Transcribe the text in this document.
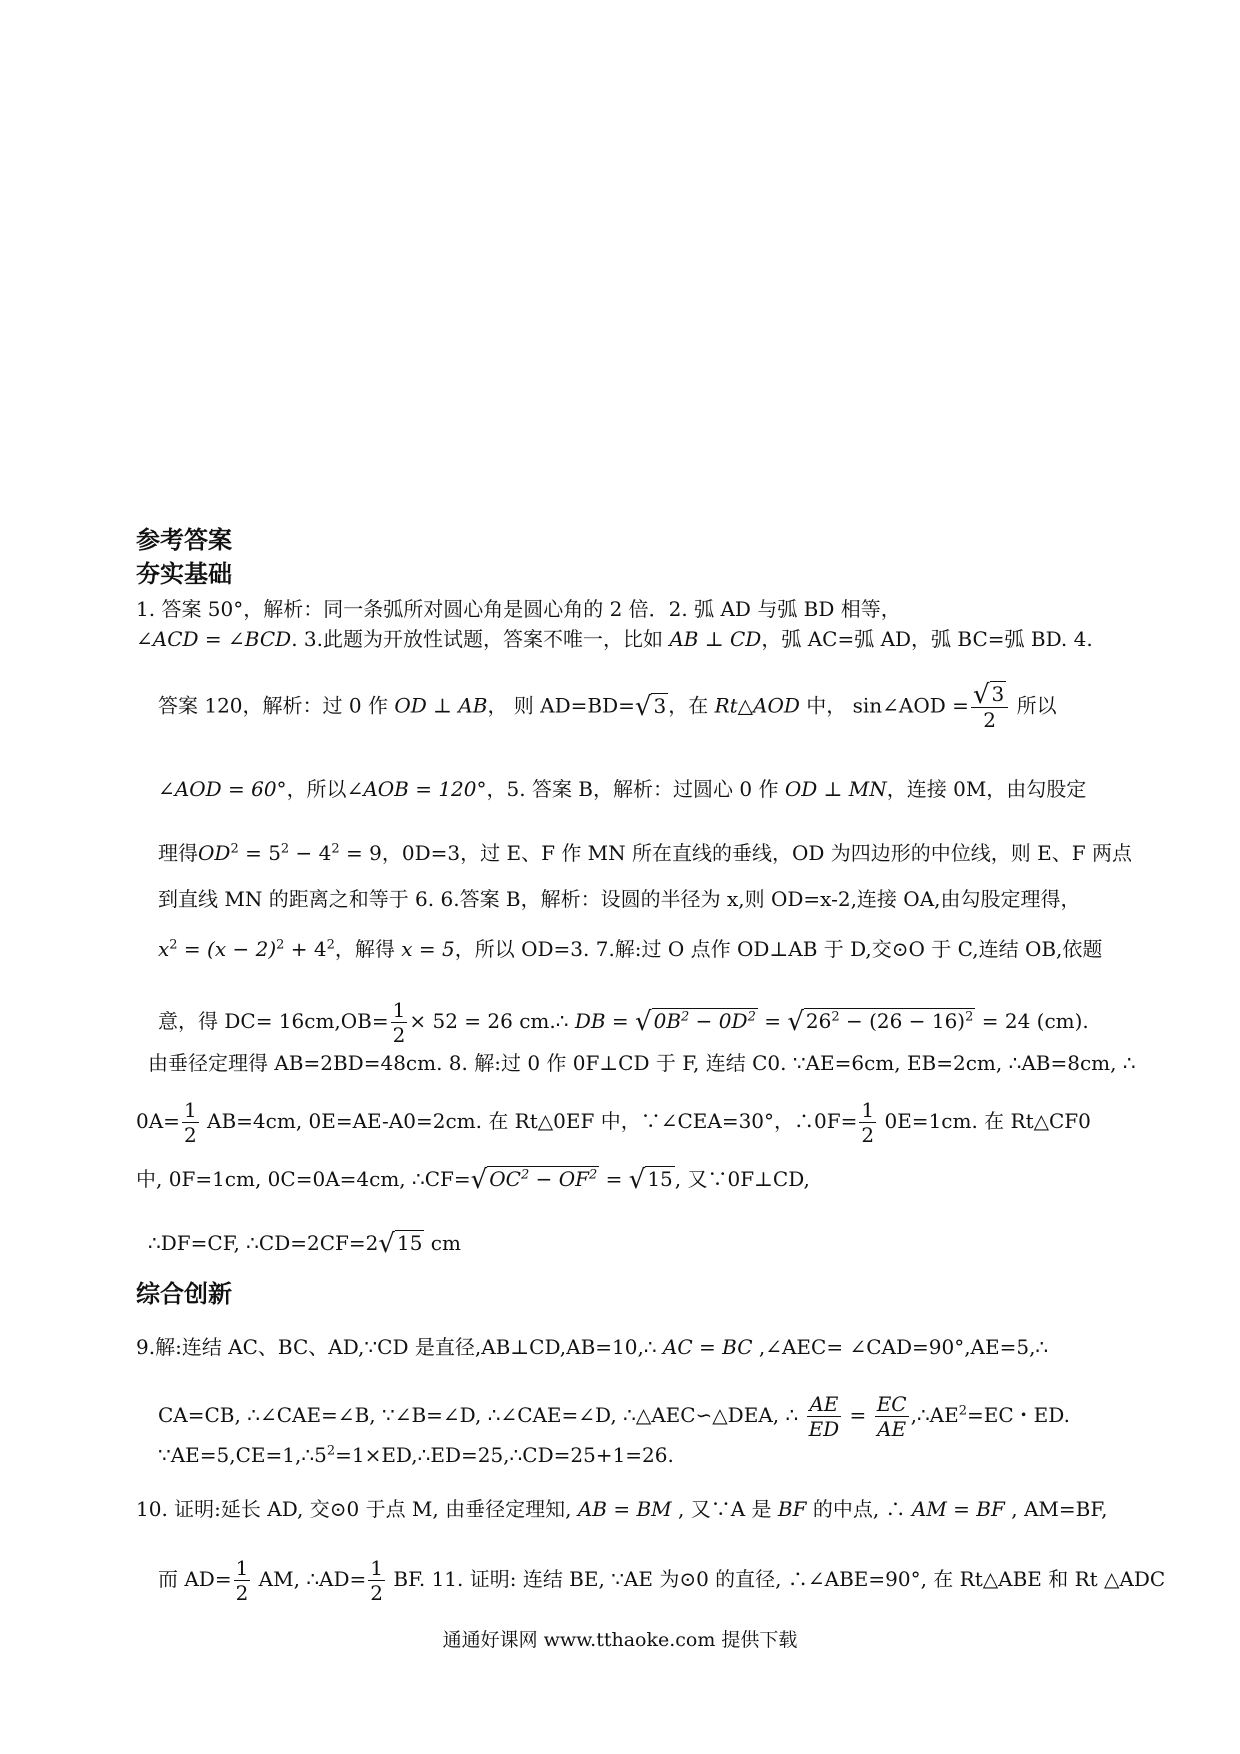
参考答案
夯实基础
1. 答案 50°，解析：同一条弧所对圆心角是圆心角的 2 倍．2. 弧 AD 与弧 BD 相等，
∠ACD = ∠BCD. 3.此题为开放性试题，答案不唯一，比如 AB ⊥ CD，弧 AC=弧 AD，弧 BC=弧 BD. 4.
答案 120，解析：过 0 作 OD ⊥ AB， 则 AD=BD=√ 3 ，在 Rt△AOD 中， sin∠AOD = $\frac{√ 3}{2}$ 所以
∠AOD = 60°，所以∠AOB = 120°，5. 答案 B，解析：过圆心 0 作 OD ⊥ MN，连接 0M，由勾股定
理得$OD^2 = 5^2 - 4^2 = 9$，0D=3，过 E、F 作 MN 所在直线的垂线，OD 为四边形的中位线，则 E、F 两点
到直线 MN 的距离之和等于 6. 6.答案 B，解析：设圆的半径为 x,则 OD=x-2,连接 OA,由勾股定理得，
$x^2 = (x - 2)^2 + 4^2$，解得 x = 5，所以 OD=3. 7.解:过 O 点作 OD⊥AB 于 D,交⊙O 于 C,连结 OB,依题
意，得 $DC= 16cm,OB= \frac{1}{2} \times 52 = 26$ cm.∴ DB = √ $0B^2 - 0D^2$ = √ $26^2 - (26 - 16)^2 = 24$ (cm).
由垂径定理得 AB=2BD=48cm. 8. 解:过 0 作 0F⊥CD 于 F, 连结 C0. ∵AE=6cm, EB=2cm, ∴AB=8cm, ∴
$0A= \frac{1}{2} AB=4cm$, 0E=AE-A0=2cm. 在 Rt△0EF 中，∵∠CEA=30°，∴0F= $\frac{1}{2} 0E=1cm$. 在 Rt△CF0
中, 0F=1cm, 0C=0A=4cm, ∴CF=√ $OC^2 - OF^2$ = √ 15 , 又∵0F⊥CD,
∴DF=CF, ∴CD=2CF=2√ 15 cm
综合创新
9.解:连结 AC、BC、AD,∵CD 是直径,AB⊥CD,AB=10,∴ AC = BC ,∠AEC= ∠CAD=90°,AE=5,∴
CA=CB, ∴∠CAE=∠B, ∵∠B=∠D, ∴∠CAE=∠D, ∴△AEC∽△DEA, ∴ $\frac{AE}{ED} = \frac{EC}{AE}$ $,\therefore AE^2=EC$・ED.
$\because AE=5,CE=1,\therefore 5^2=1\times ED,\therefore ED=25,\therefore CD=25+1=26$.
10. 证明:延长 AD, 交⊙0 于点 M, 由垂径定理知, AB = BM , 又∵A 是 BF 的中点, ∴ AM = BF , AM=BF,
而 $AD= \frac{1}{2}$ AM, ∴AD= $\frac{1}{2}$ BF. 11. 证明: 连结 BE, ∵AE 为⊙0 的直径, ∴∠ABE=90°, 在 Rt△ABE 和 Rt △ADC
通通好课网 www.tthaoke.com 提供下载
